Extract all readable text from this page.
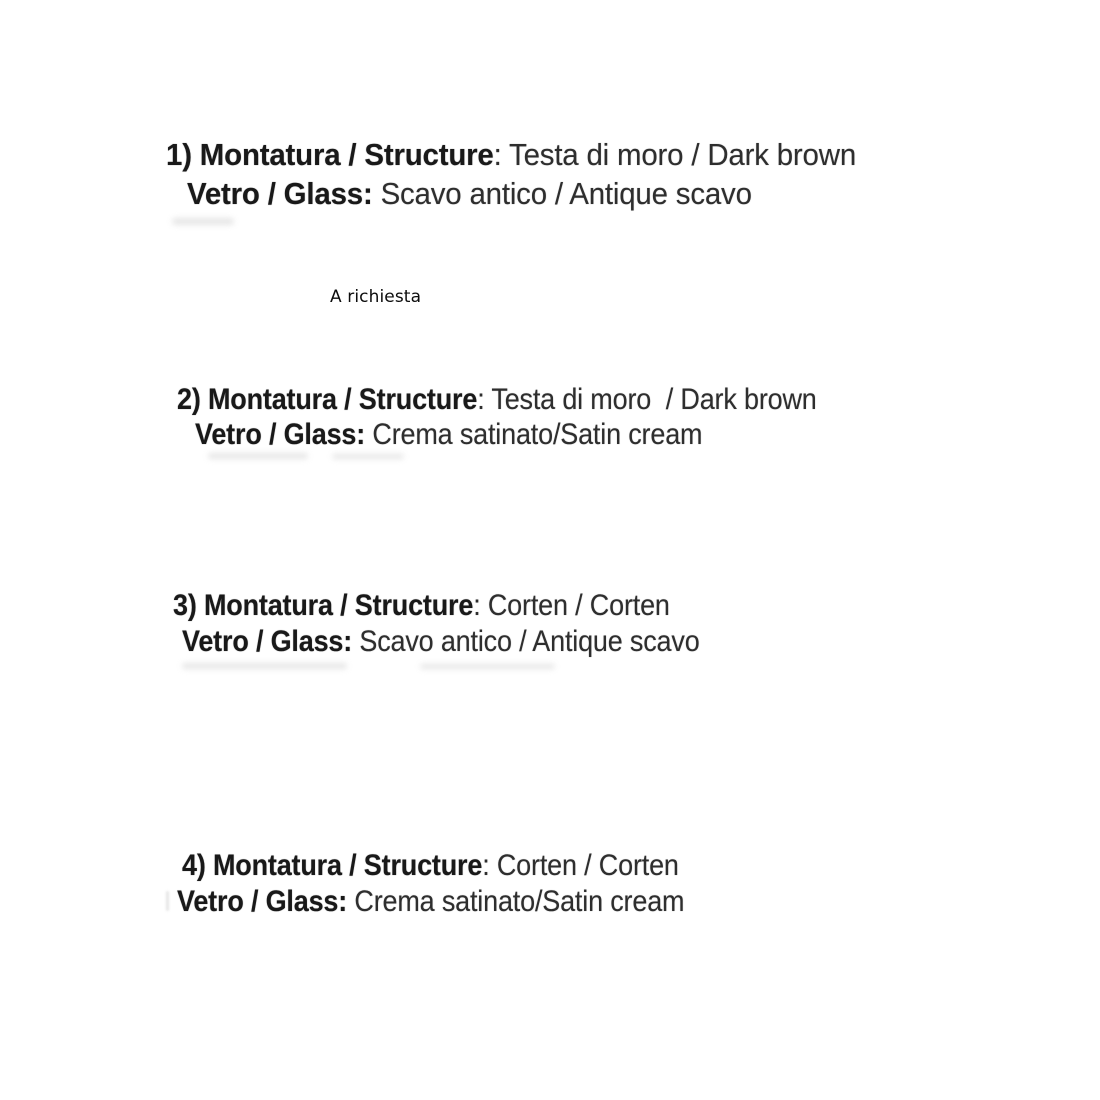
1) Montatura / Structure: Testa di moro / Dark brown
Vetro / Glass: Scavo antico / Antique scavo
A richiesta
2) Montatura / Structure: Testa di moro  / Dark brown
Vetro / Glass: Crema satinato/Satin cream
3) Montatura / Structure: Corten / Corten
Vetro / Glass: Scavo antico / Antique scavo
4) Montatura / Structure: Corten / Corten
Vetro / Glass: Crema satinato/Satin cream
